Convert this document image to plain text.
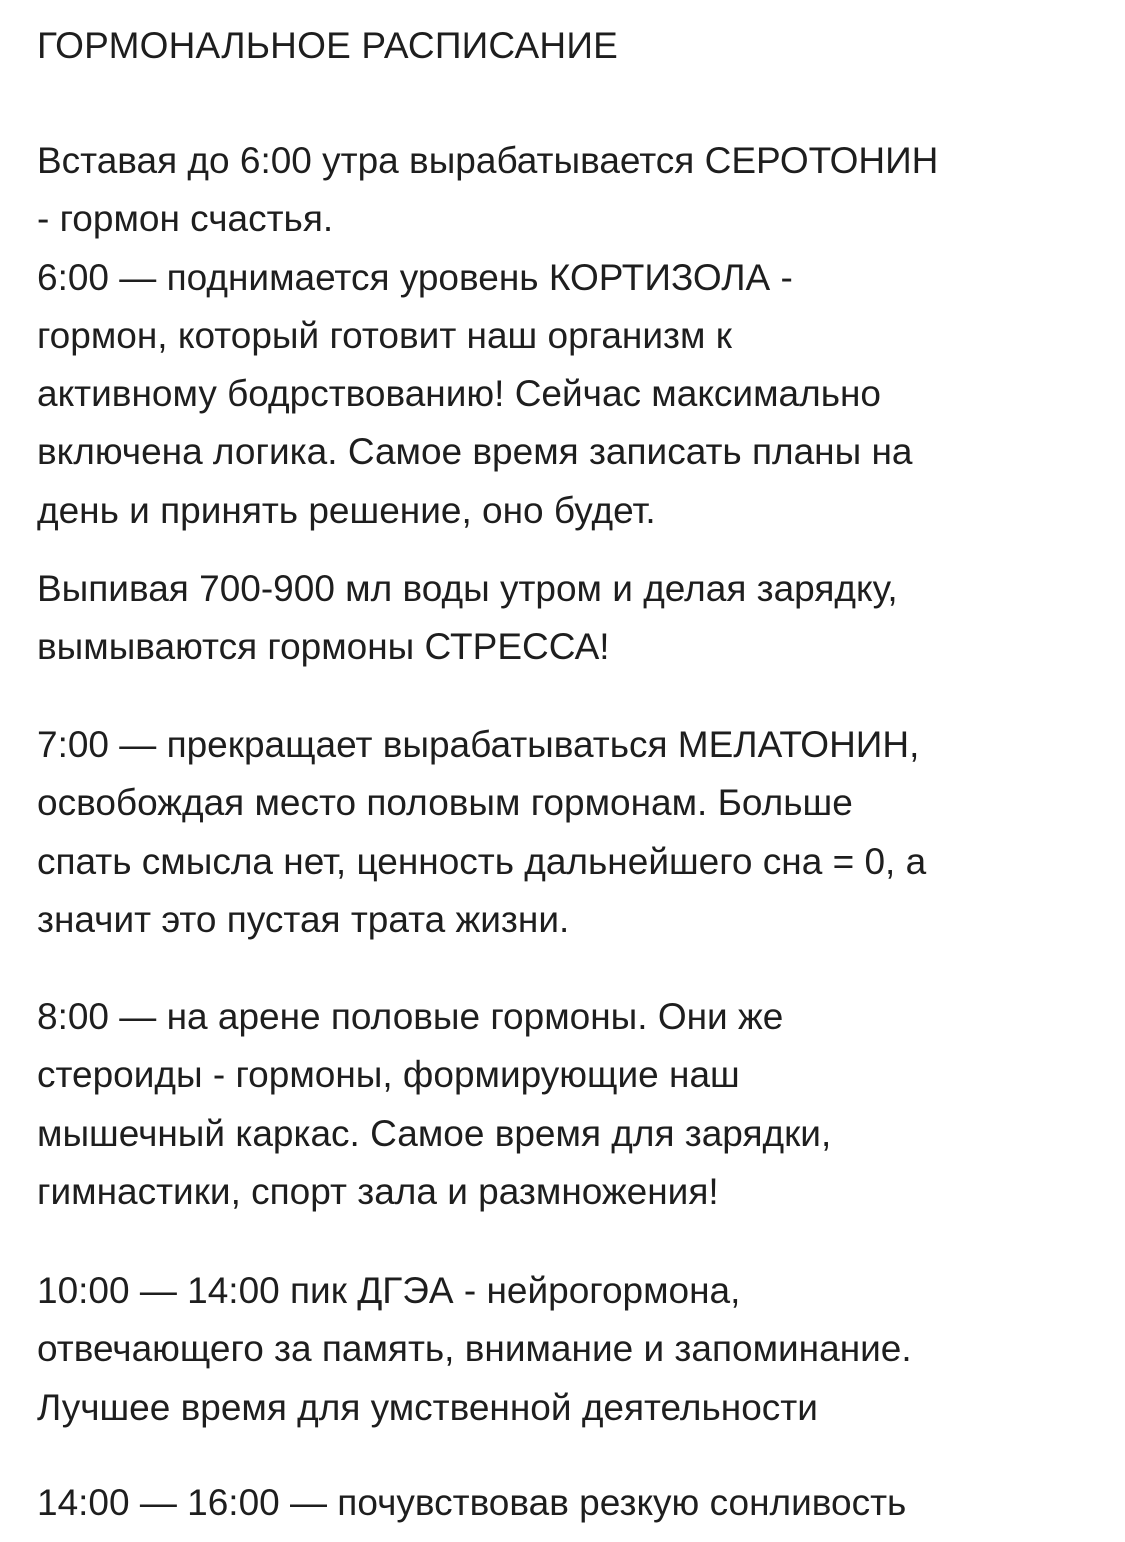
ГОРМОНАЛЬНОЕ РАСПИСАНИЕ
Вставая до 6:00 утра вырабатывается СЕРОТОНИН
- гормон счастья.
6:00 — поднимается уровень КОРТИЗОЛА -
гормон, который готовит наш организм к
активному бодрствованию! Сейчас максимально
включена логика. Самое время записать планы на
день и принять решение, оно будет.
Выпивая 700-900 мл воды утром и делая зарядку,
вымываются гормоны СТРЕССА!
7:00 — прекращает вырабатываться МЕЛАТОНИН,
освобождая место половым гормонам. Больше
спать смысла нет, ценность дальнейшего сна = 0, а
значит это пустая трата жизни.
8:00 — на арене половые гормоны. Они же
стероиды - гормоны, формирующие наш
мышечный каркас. Самое время для зарядки,
гимнастики, спорт зала и размножения!
10:00 — 14:00 пик ДГЭА - нейрогормона,
отвечающего за память, внимание и запоминание.
Лучшее время для умственной деятельности
14:00 — 16:00 — почувствовав резкую сонливость
